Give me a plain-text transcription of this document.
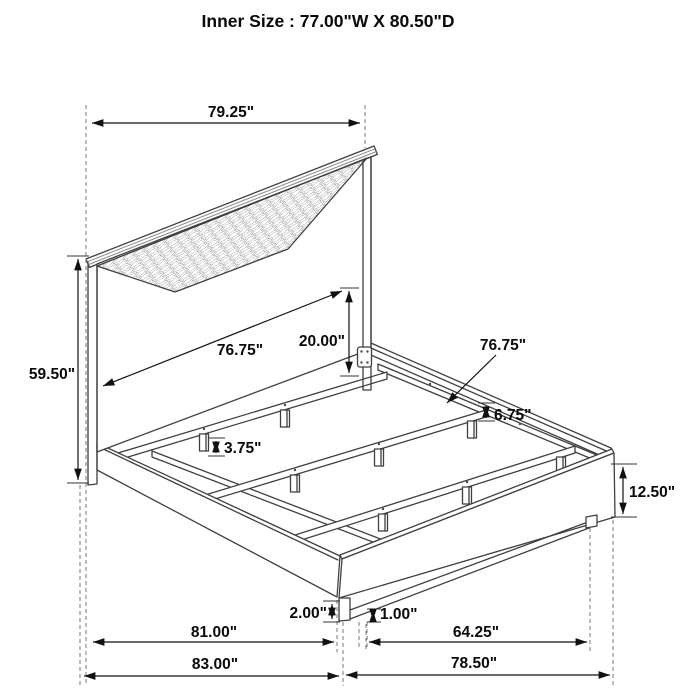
Inner Size : 77.00"W X 80.50"D
79.25"
59.50"
76.75"
20.00"	76.75"
6.75"
3.75"
12.50"
2.00"	1.00"
81.00"
83.00"
64.25"
78.50"
